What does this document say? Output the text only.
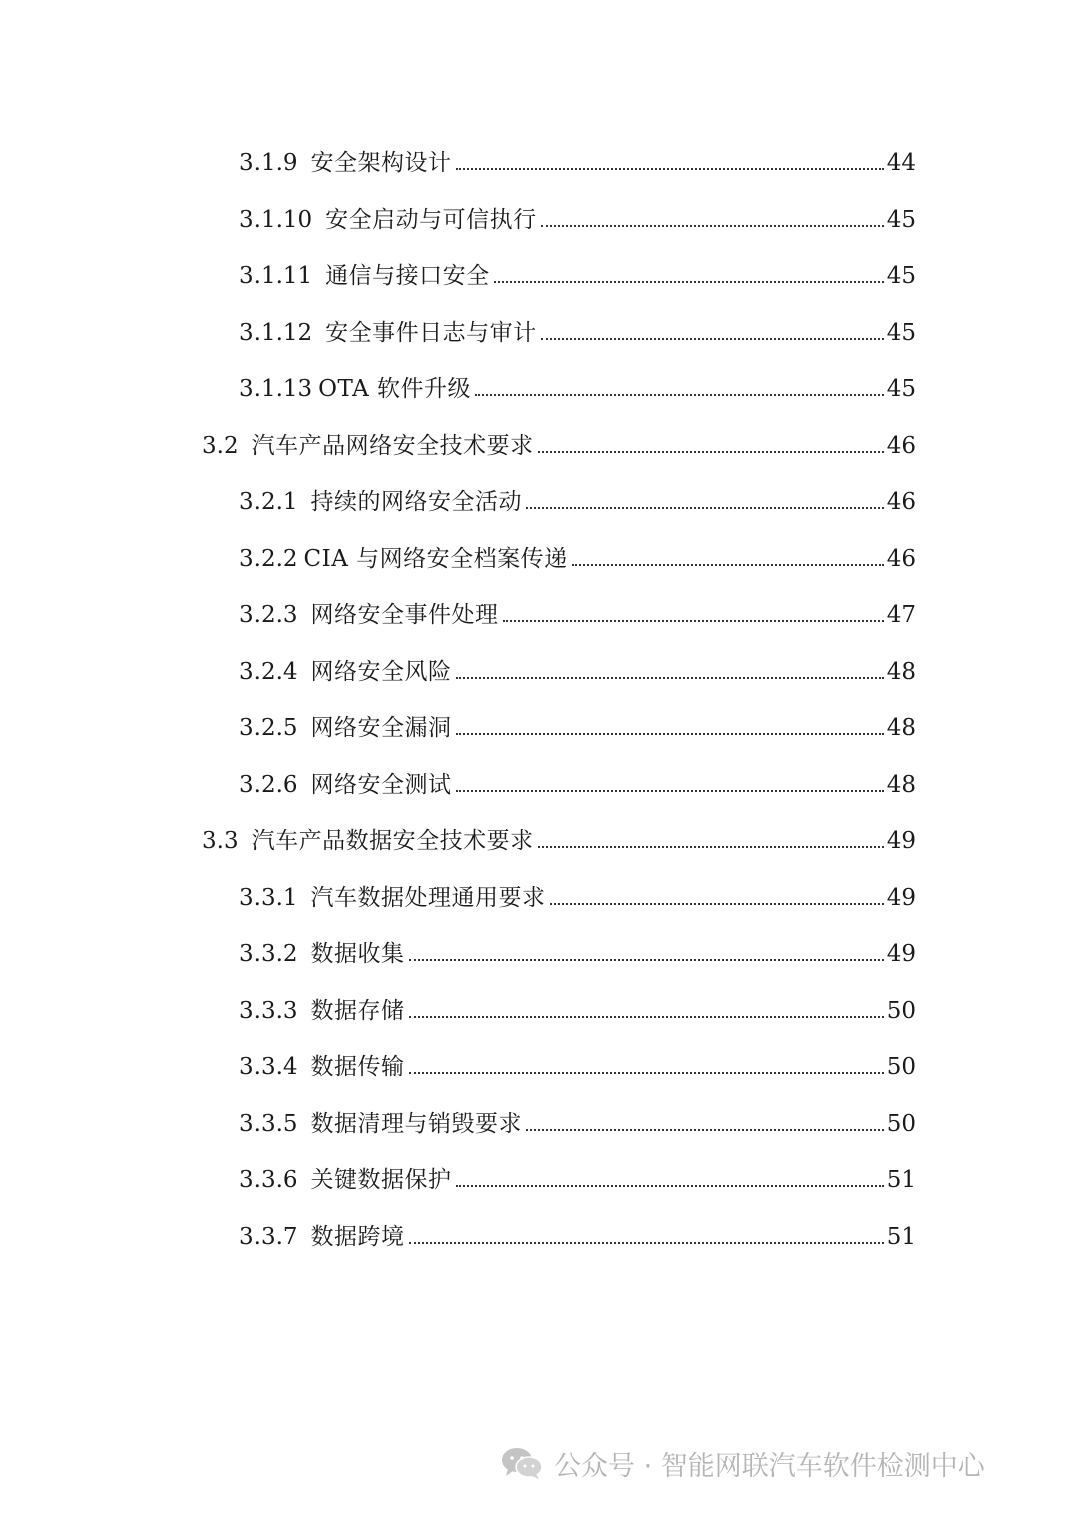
3.1.9 安全架构设计	44
3.1.10 安全启动与可信执行	45
3.1.11 通信与接口安全	45
3.1.12 安全事件日志与审计	45
3.1.13 OTA 软件升级	45
3.2 汽车产品网络安全技术要求	46
3.2.1 持续的网络安全活动	46
3.2.2 CIA 与网络安全档案传递	46
3.2.3 网络安全事件处理	47
3.2.4 网络安全风险	48
3.2.5 网络安全漏洞	48
3.2.6 网络安全测试	48
3.3 汽车产品数据安全技术要求	49
3.3.1 汽车数据处理通用要求	49
3.3.2 数据收集	49
3.3.3 数据存储	50
3.3.4 数据传输	50
3.3.5 数据清理与销毁要求	50
3.3.6 关键数据保护	51
3.3.7 数据跨境	51
公众号 · 智能网联汽车软件检测中心
